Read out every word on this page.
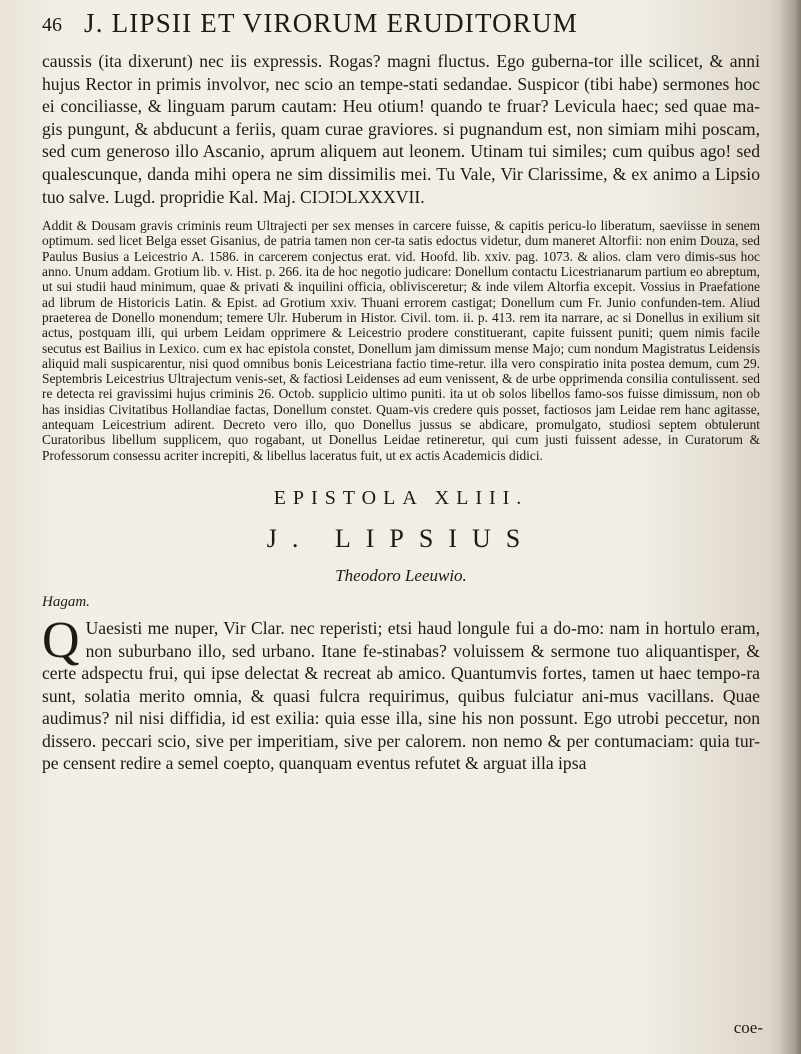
46 J. LIPSII ET VIRORUM ERUDITORUM

caussis (ita dixerunt) nec iis expressis. Rogas? magni fluctus. Ego guberna-tor ille scilicet, & anni hujus Rector in primis involvor, nec scio an tempe-stati sedandae. Suspicor (tibi habe) sermones hoc ei conciliasse, & linguam parum cautam: Heu otium! quando te fruar? Levicula haec; sed quae ma-gis pungunt, & abducunt a feriis, quam curae graviores. si pugnandum est, non simiam mihi poscam, sed cum generoso illo Ascanio, aprum aliquem aut leonem. Utinam tui similes; cum quibus ago! sed qualescunque, danda mihi opera ne sim dissimilis mei. Tu Vale, Vir Clarissime, & ex animo a Lipsio tuo salve. Lugd. propridie Kal. Maj. CIƆIƆLXXXVII.

Addit & Dousam gravis criminis reum Ultrajecti per sex menses in carcere fuisse, & capitis pericu-lo liberatum, saeviisse in senem optimum. sed licet Belga esset Gisanius, de patria tamen non cer-ta satis edoctus videtur, dum maneret Altorfii: non enim Douza, sed Paulus Busius a Leicestrio A. 1586. in carcerem conjectus erat. vid. Hoofd. lib. xxiv. pag. 1073. & alios. clam vero dimis-sus hoc anno. Unum addam. Grotium lib. v. Hist. p. 266. ita de hoc negotio judicare: Donellum contactu Licestrianarum partium eo abreptum, ut sui studii haud minimum, quae & privati & inquilini officia, oblivisceretur; & inde vilem Altorfia excepit. Vossius in Praefatione ad librum de Historicis Latin. & Epist. ad Grotium xxiv. Thuani errorem castigat; Donellum cum Fr. Junio confunden-tem. Aliud praeterea de Donello monendum; temere Ulr. Huberum in Histor. Civil. tom. ii. p. 413. rem ita narrare, ac si Donellus in exilium sit actus, postquam illi, qui urbem Leidam opprimere & Leicestrio prodere constituerant, capite fuissent puniti; quem nimis facile secutus est Bailius in Lexico. cum ex hac epistola constet, Donellum jam dimissum mense Majo; cum nondum Magistratus Leidensis aliquid mali suspicarentur, nisi quod omnibus bonis Leicestriana factio time-retur. illa vero conspiratio inita postea demum, cum 29. Septembris Leicestrius Ultrajectum venis-set, & factiosi Leidenses ad eum venissent, & de urbe opprimenda consilia contulissent. sed re detecta rei gravissimi hujus criminis 26. Octob. supplicio ultimo puniti. ita ut ob solos libellos famo-sos fuisse dimissum, non ob has insidias Civitatibus Hollandiae factas, Donellum constet. Quam-vis credere quis posset, factiosos jam Leidae rem hanc agitasse, antequam Leicestrium adirent. Decreto vero illo, quo Donellus jussus se abdicare, promulgato, studiosi septem obtulerunt Curatoribus libellum supplicem, quo rogabant, ut Donellus Leidae retineretur, qui cum justi fuissent adesse, in Curatorum & Professorum consessu acriter increpiti, & libellus laceratus fuit, ut ex actis Academicis didici.

EPISTOLA XLIII.
J. LIPSIUS
Theodoro Leeuwio.
Hagam.

Q Uaesisti me nuper, Vir Clar. nec reperisti; etsi haud longule fui a do-mo: nam in hortulo eram, non suburbano illo, sed urbano. Itane fe-stinabas? voluissem & sermone tuo aliquantisper, & certe adspectu frui, qui ipse delectat & recreat ab amico. Quantumvis fortes, tamen ut haec tempo-ra sunt, solatia merito omnia, & quasi fulcra requirimus, quibus fulciatur ani-mus vacillans. Quae audimus? nil nisi diffidia, id est exilia: quia esse illa, sine his non possunt. Ego utrobi peccetur, non dissero. peccari scio, sive per imperitiam, sive per calorem. non nemo & per contumaciam: quia tur-pe censent redire a semel coepto, quanquam eventus refutet & arguat illa ipsa

coe-
